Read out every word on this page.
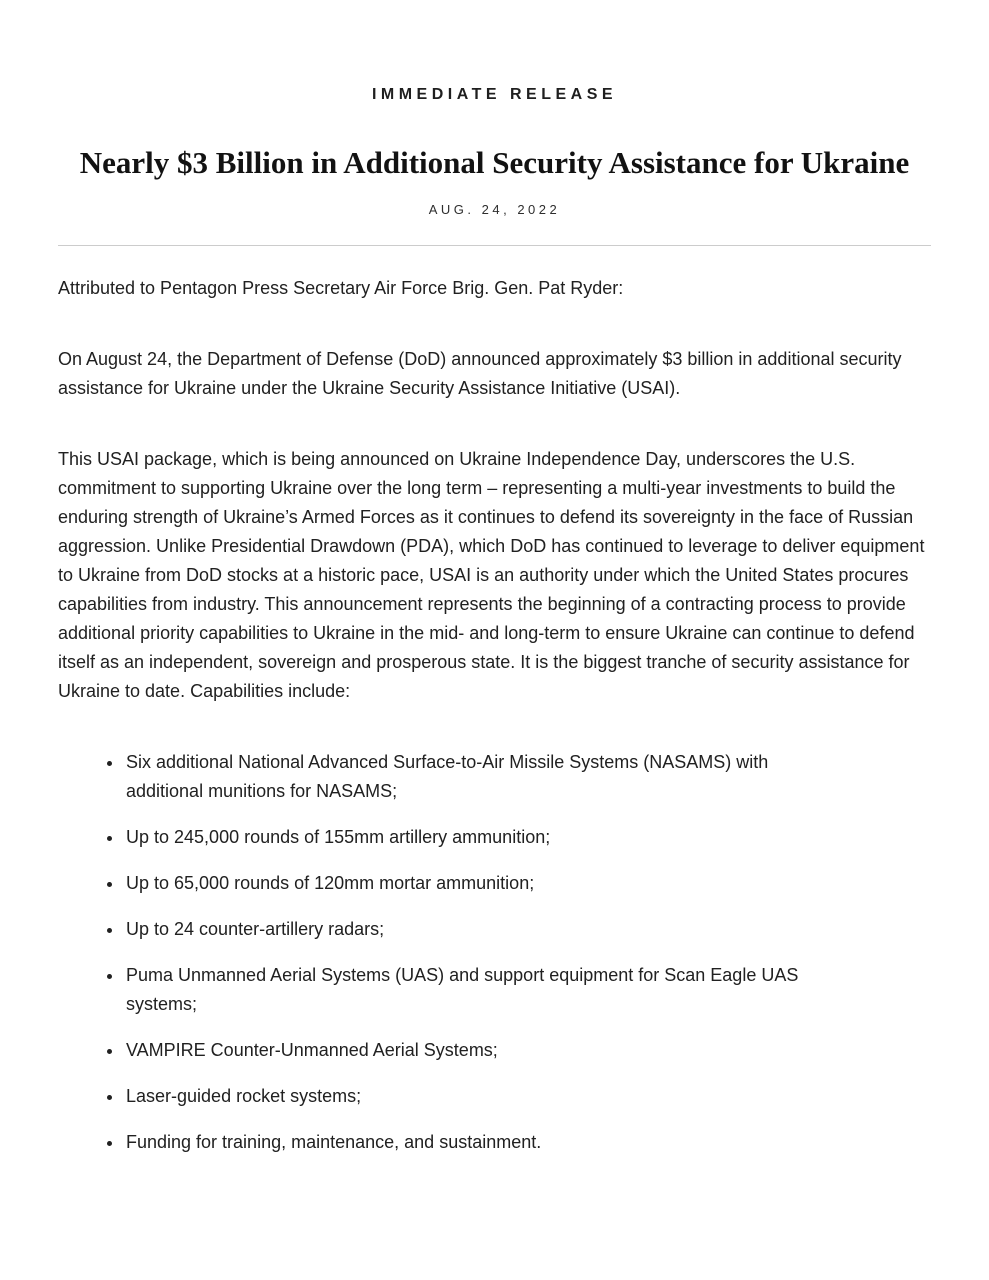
IMMEDIATE RELEASE
Nearly $3 Billion in Additional Security Assistance for Ukraine
AUG. 24, 2022

Attributed to Pentagon Press Secretary Air Force Brig. Gen. Pat Ryder:

On August 24, the Department of Defense (DoD) announced approximately $3 billion in additional security assistance for Ukraine under the Ukraine Security Assistance Initiative (USAI).

This USAI package, which is being announced on Ukraine Independence Day, underscores the U.S. commitment to supporting Ukraine over the long term – representing a multi-year investments to build the enduring strength of Ukraine’s Armed Forces as it continues to defend its sovereignty in the face of Russian aggression. Unlike Presidential Drawdown (PDA), which DoD has continued to leverage to deliver equipment to Ukraine from DoD stocks at a historic pace, USAI is an authority under which the United States procures capabilities from industry. This announcement represents the beginning of a contracting process to provide additional priority capabilities to Ukraine in the mid- and long-term to ensure Ukraine can continue to defend itself as an independent, sovereign and prosperous state. It is the biggest tranche of security assistance for Ukraine to date. Capabilities include:

• Six additional National Advanced Surface-to-Air Missile Systems (NASAMS) with additional munitions for NASAMS;
• Up to 245,000 rounds of 155mm artillery ammunition;
• Up to 65,000 rounds of 120mm mortar ammunition;
• Up to 24 counter-artillery radars;
• Puma Unmanned Aerial Systems (UAS) and support equipment for Scan Eagle UAS systems;
• VAMPIRE Counter-Unmanned Aerial Systems;
• Laser-guided rocket systems;
• Funding for training, maintenance, and sustainment.
